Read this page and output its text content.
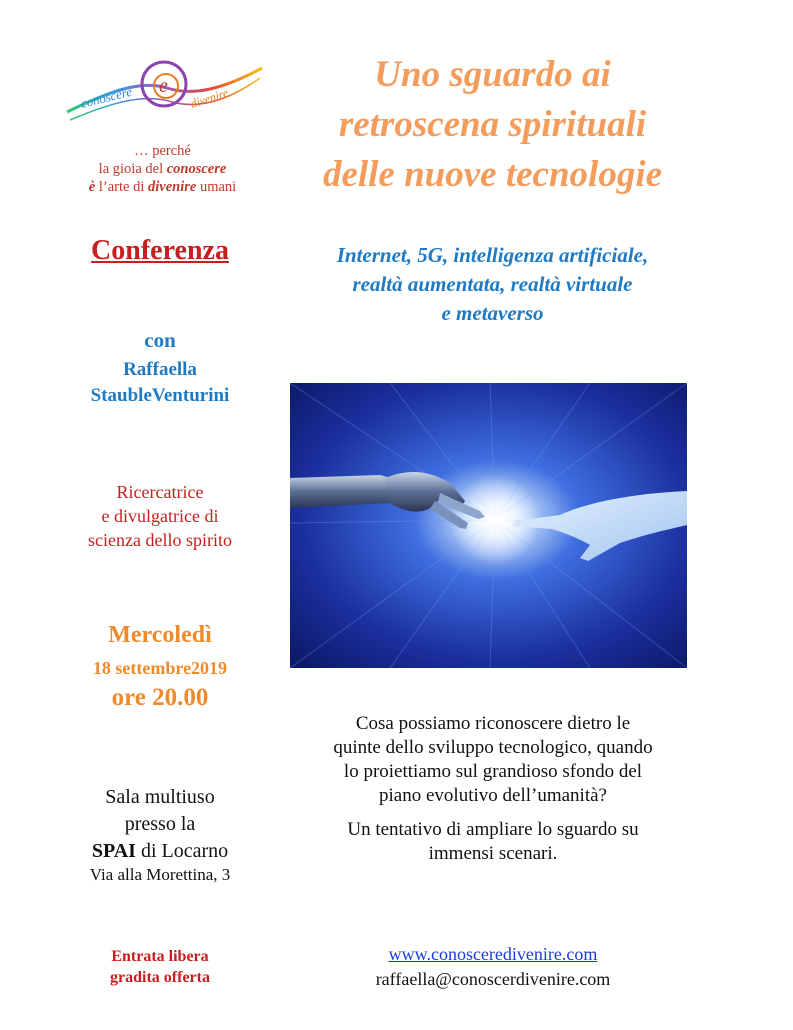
conoscere	divenire
e
… perché
la gioia del conoscere
è l’arte di divenire umani
Uno sguardo ai
retroscena spirituali
delle nuove tecnologie
Internet, 5G, intelligenza artificiale,
realtà aumentata, realtà virtuale
e metaverso
Conferenza
con
Raffaella
StaubleVenturini
Ricercatrice
e divulgatrice di
scienza dello spirito
Mercoledì
18 settembre2019
ore 20.00
Sala multiuso
presso la
SPAI di Locarno
Via alla Morettina, 3
Entrata libera
gradita offerta
Cosa possiamo riconoscere dietro le
quinte dello sviluppo tecnologico, quando
lo proiettiamo sul grandioso sfondo del
piano evolutivo dell’umanità?
Un tentativo di ampliare lo sguardo su
immensi scenari.
www.conosceredivenire.com
raffaella@conoscerdivenire.com
